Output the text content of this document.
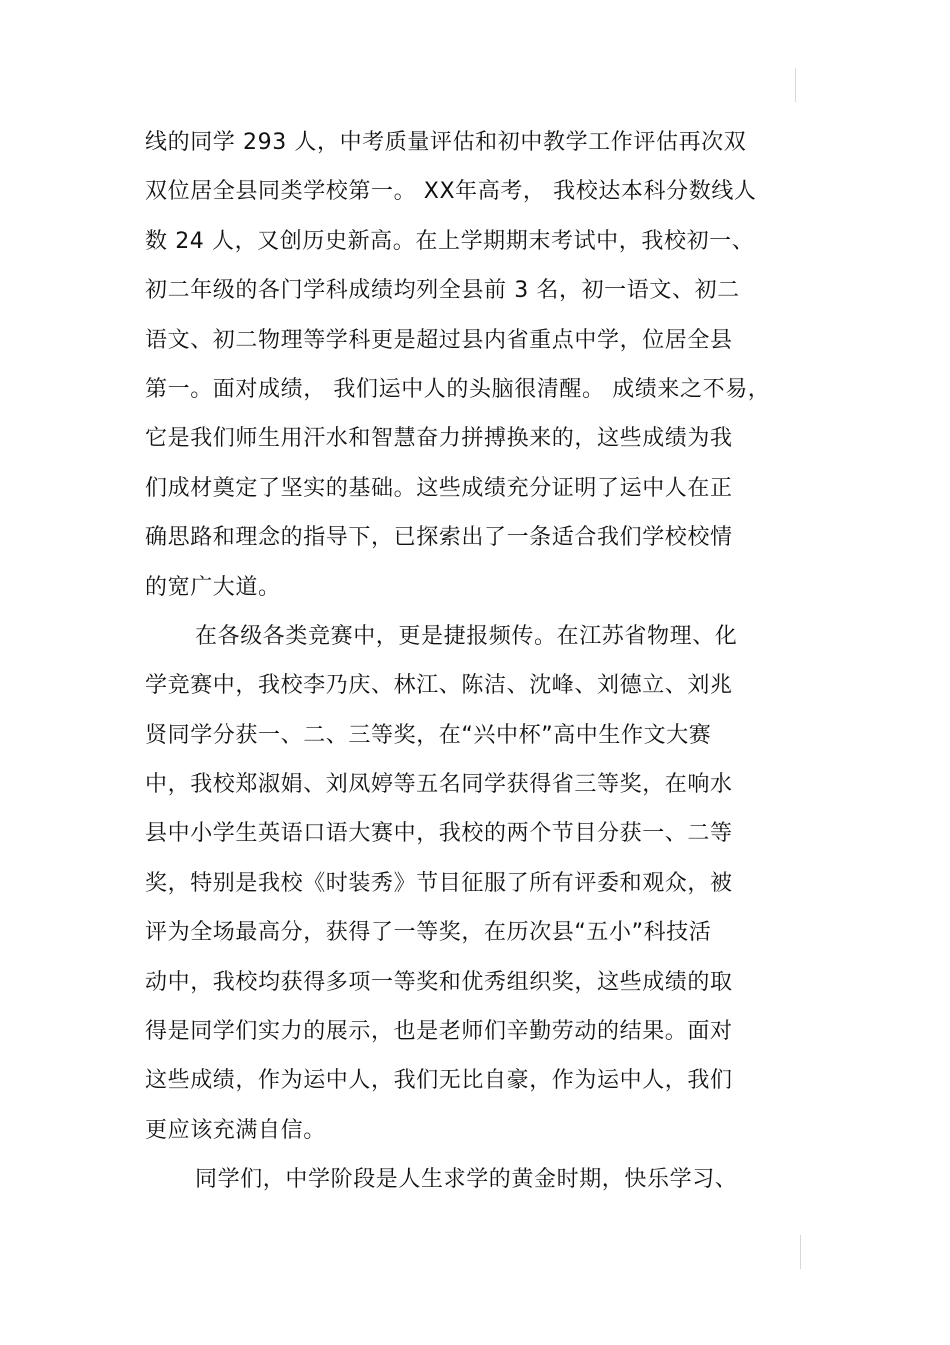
线的同学 293 人，中考质量评估和初中教学工作评估再次双
双位居全县同类学校第一。 XX年高考， 我校达本科分数线人
数 24 人，又创历史新高。在上学期期末考试中，我校初一、
初二年级的各门学科成绩均列全县前 3 名，初一语文、初二
语文、初二物理等学科更是超过县内省重点中学，位居全县
第一。面对成绩， 我们运中人的头脑很清醒。 成绩来之不易，
它是我们师生用汗水和智慧奋力拼搏换来的，这些成绩为我
们成材奠定了坚实的基础。这些成绩充分证明了运中人在正
确思路和理念的指导下，已探索出了一条适合我们学校校情
的宽广大道。
在各级各类竞赛中，更是捷报频传。在江苏省物理、化
学竞赛中，我校李乃庆、林江、陈洁、沈峰、刘德立、刘兆
贤同学分获一、二、三等奖，在“兴中杯”高中生作文大赛
中，我校郑淑娟、刘凤婷等五名同学获得省三等奖，在响水
县中小学生英语口语大赛中，我校的两个节目分获一、二等
奖，特别是我校《时装秀》节目征服了所有评委和观众，被
评为全场最高分，获得了一等奖，在历次县“五小”科技活
动中，我校均获得多项一等奖和优秀组织奖，这些成绩的取
得是同学们实力的展示，也是老师们辛勤劳动的结果。面对
这些成绩，作为运中人，我们无比自豪，作为运中人，我们
更应该充满自信。
同学们，中学阶段是人生求学的黄金时期，快乐学习、
